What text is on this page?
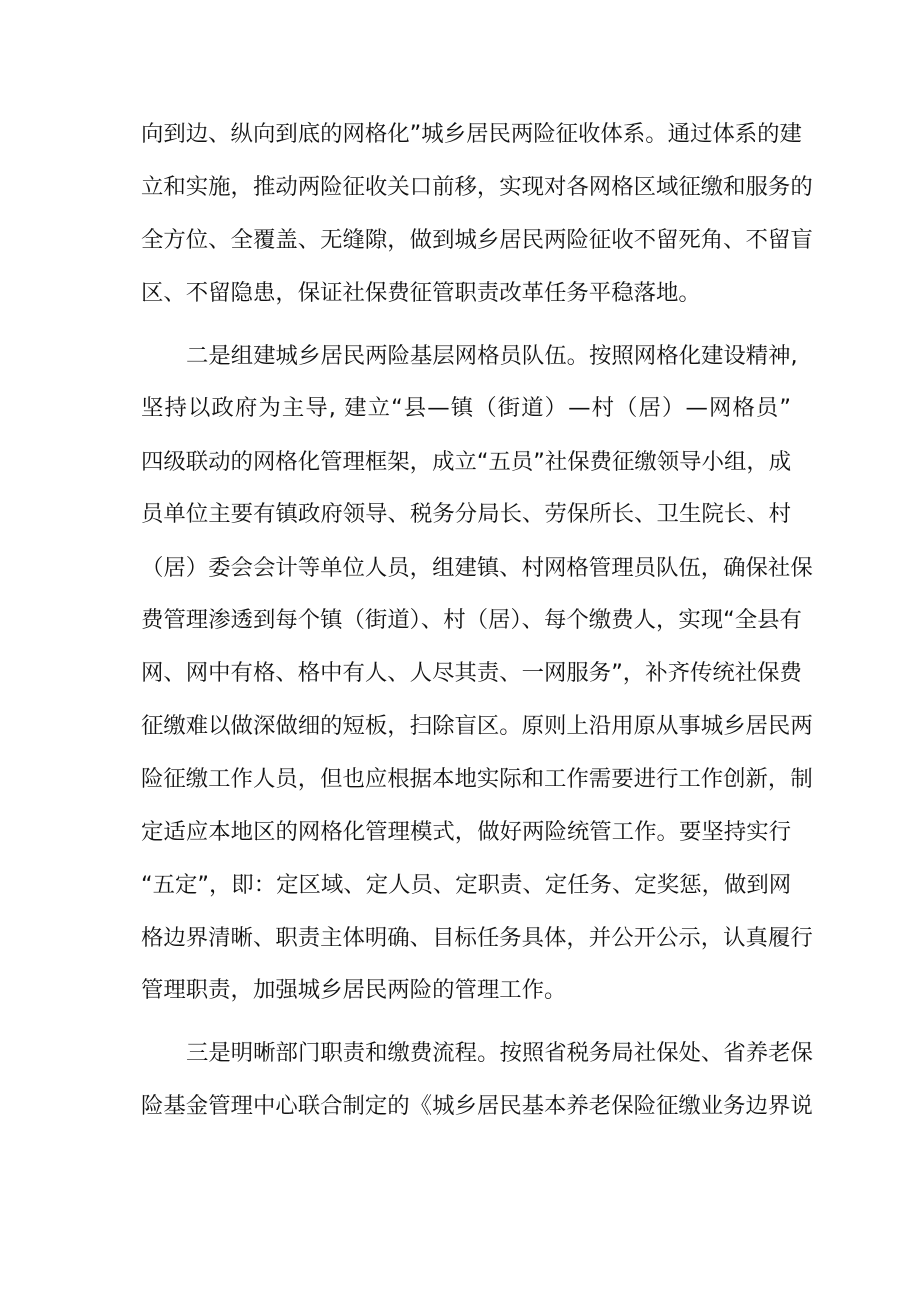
向到边、纵向到底的网格化”城乡居民两险征收体系。通过体系的建
立和实施，推动两险征收关口前移，实现对各网格区域征缴和服务的
全方位、全覆盖、无缝隙，做到城乡居民两险征收不留死角、不留盲
区、不留隐患，保证社保费征管职责改革任务平稳落地。
二是组建城乡居民两险基层网格员队伍。按照网格化建设精神,
坚持以政府为主导, 建立“县—镇（街道）—村（居）—网格员”
四级联动的网格化管理框架，成立“五员”社保费征缴领导小组，成
员单位主要有镇政府领导、税务分局长、劳保所长、卫生院长、村
（居）委会会计等单位人员，组建镇、村网格管理员队伍，确保社保
费管理渗透到每个镇（街道）、村（居）、每个缴费人，实现“全县有
网、网中有格、格中有人、人尽其责、一网服务”，补齐传统社保费
征缴难以做深做细的短板，扫除盲区。原则上沿用原从事城乡居民两
险征缴工作人员，但也应根据本地实际和工作需要进行工作创新，制
定适应本地区的网格化管理模式，做好两险统管工作。要坚持实行
“五定”，即：定区域、定人员、定职责、定任务、定奖惩，做到网
格边界清晰、职责主体明确、目标任务具体，并公开公示，认真履行
管理职责，加强城乡居民两险的管理工作。
三是明晰部门职责和缴费流程。按照省税务局社保处、省养老保
险基金管理中心联合制定的《城乡居民基本养老保险征缴业务边界说
